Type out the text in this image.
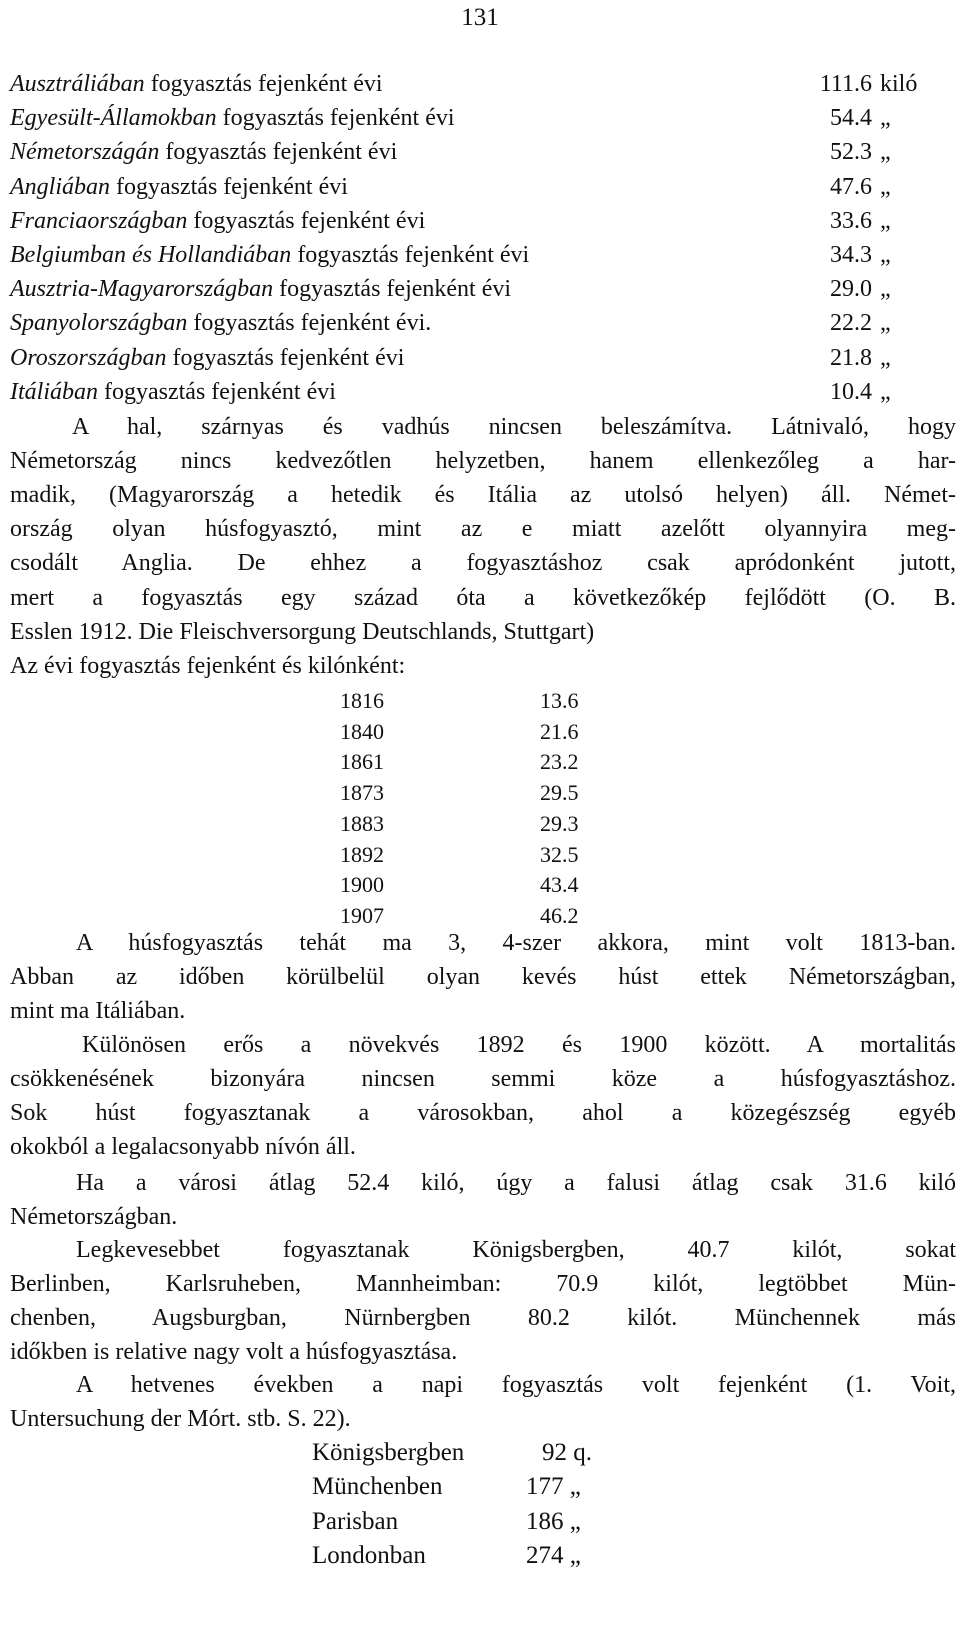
131
Ausztráliában fogyasztás fejenként évi	111.6 kiló
Egyesült-Államokban fogyasztás fejenként évi	54.4 „
Németországán fogyasztás fejenként évi	52.3 „
Angliában fogyasztás fejenként évi	47.6 „
Franciaországban fogyasztás fejenként évi	33.6 „
Belgiumban és Hollandiában fogyasztás fejenként évi	34.3 „
Ausztria-Magyarországban fogyasztás fejenként évi	29.0 „
Spanyolországban fogyasztás fejenként évi.	22.2 „
Oroszországban fogyasztás fejenként évi	21.8 „
Itáliában fogyasztás fejenként évi	10.4 „
A hal, szárnyas és vadhús nincsen beleszámítva. Látnivaló, hogy
Németország nincs kedvezőtlen helyzetben, hanem ellenkezőleg a har-
madik, (Magyarország a hetedik és Itália az utolsó helyen) áll. Német-
ország olyan húsfogyasztó, mint az e miatt azelőtt olyannyira meg-
csodált Anglia. De ehhez a fogyasztáshoz csak apródonként jutott,
mert a fogyasztás egy század óta a következőkép fejlődött (O. B.
Esslen 1912. Die Fleischversorgung Deutschlands, Stuttgart)
Az évi fogyasztás fejenként és kilónként:
1816	13.6
1840	21.6
1861	23.2
1873	29.5
1883	29.3
1892	32.5
1900	43.4
1907	46.2
A húsfogyasztás tehát ma 3, 4-szer akkora, mint volt 1813-ban.
Abban az időben körülbelül olyan kevés húst ettek Németországban,
mint ma Itáliában.
Különösen erős a növekvés 1892 és 1900 között. A mortalitás
csökkenésének bizonyára nincsen semmi köze a húsfogyasztáshoz.
Sok húst fogyasztanak a városokban, ahol a közegészség egyéb
okokból a legalacsonyabb nívón áll.
Ha a városi átlag 52.4 kiló, úgy a falusi átlag csak 31.6 kiló
Németországban.
Legkevesebbet fogyasztanak Königsbergben, 40.7 kilót, sokat
Berlinben, Karlsruheben, Mannheimban: 70.9 kilót, legtöbbet Mün-
chenben, Augsburgban, Nürnbergben 80.2 kilót. Münchennek más
időkben is relative nagy volt a húsfogyasztása.
A hetvenes években a napi fogyasztás volt fejenként (1. Voit,
Untersuchung der Mórt. stb. S. 22).
Königsbergben	92 q.
Münchenben	177 „
Parisban	186 „
Londonban	274 „
